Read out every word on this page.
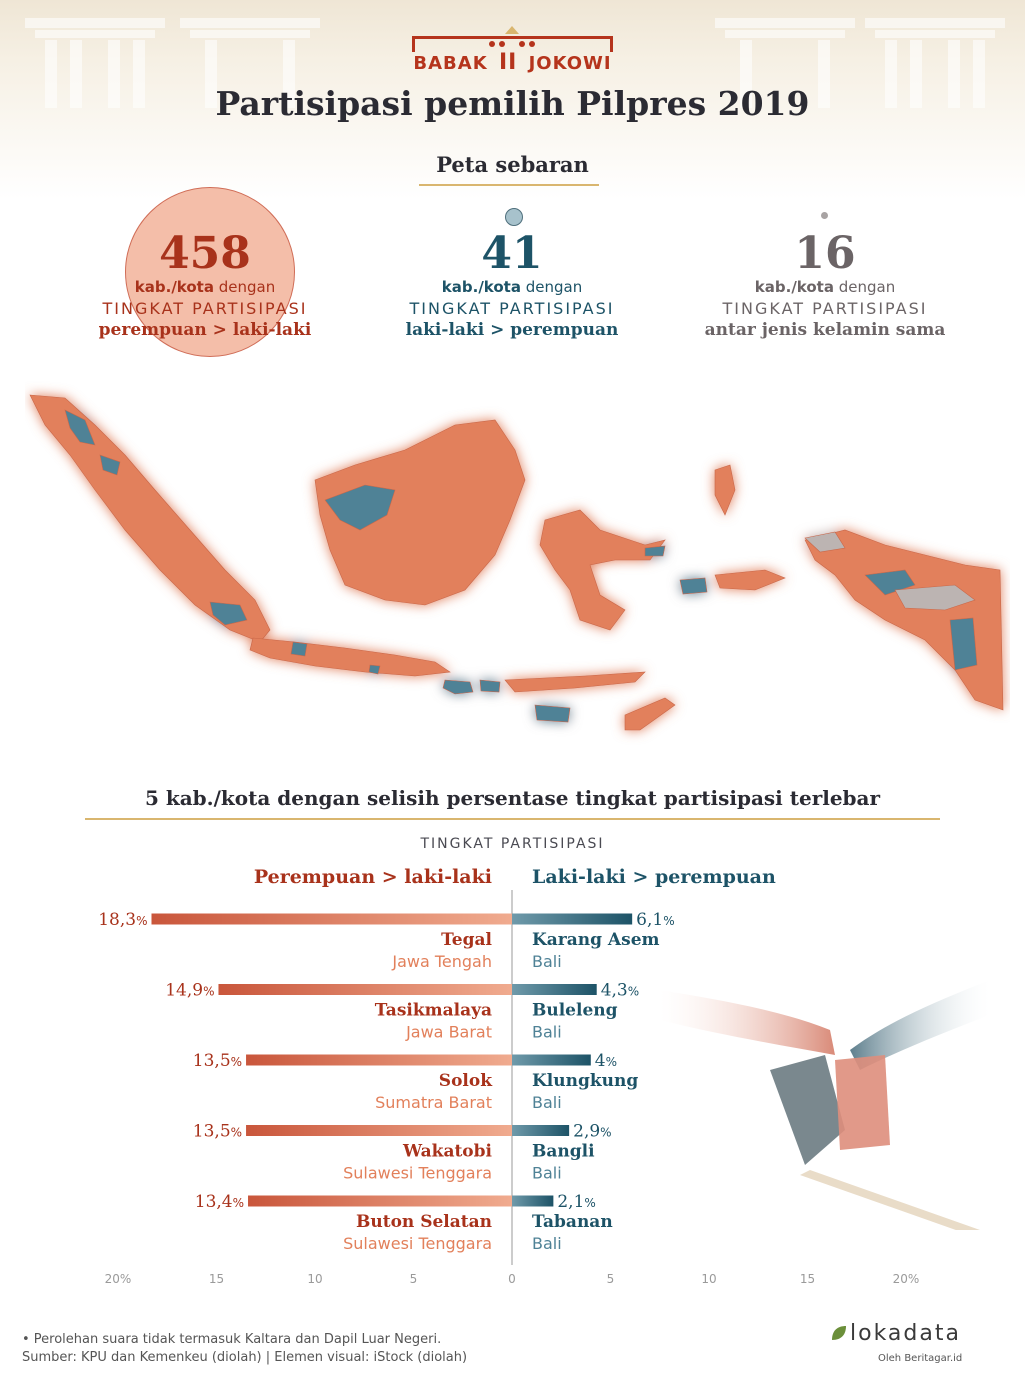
BABAK II JOKOWI
Partisipasi pemilih Pilpres 2019
Peta sebaran
458
kab./kota dengan
TINGKAT PARTISIPASI
perempuan > laki-laki
41
kab./kota dengan
TINGKAT PARTISIPASI
laki-laki > perempuan
16
kab./kota dengan
TINGKAT PARTISIPASI
antar jenis kelamin sama
5 kab./kota dengan selisih persentase tingkat partisipasi terlebar
TINGKAT PARTISIPASI
Perempuan > laki-laki Laki-laki > perempuan
18,3%
Tegal
Jawa Tengah
14,9%
Tasikmalaya
Jawa Barat
13,5%
Solok
Sumatra Barat
13,5%
Wakatobi
Sulawesi Tenggara
13,4%
Buton Selatan
Sulawesi Tenggara
6,1%
Karang Asem
Bali
4,3%
Buleleng
Bali
4%
Klungkung
Bali
2,9%
Bangli
Bali
2,1%
Tabanan
Bali
20%	15	10	5	0	5	10	15	20%
• Perolehan suara tidak termasuk Kaltara dan Dapil Luar Negeri.
Sumber: KPU dan Kemenkeu (diolah) | Elemen visual: iStock (diolah)
lokadata
Oleh Beritagar.id
